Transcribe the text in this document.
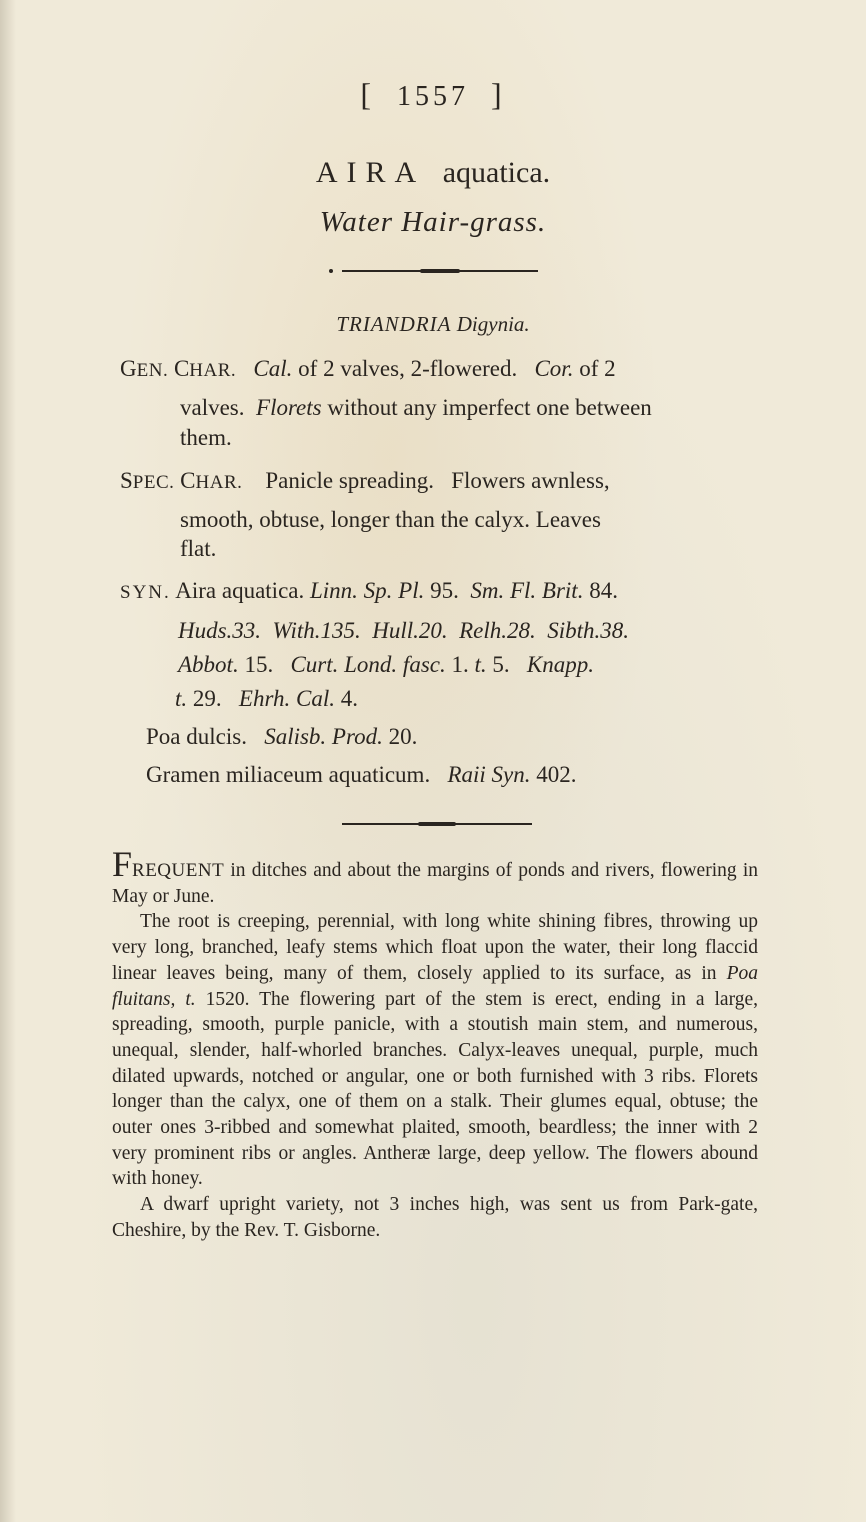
[ 1557 ]
AIRA aquatica.
Water Hair-grass.
TRIANDRIA Digynia.
GEN. CHAR. Cal. of 2 valves, 2-flowered. Cor. of 2
valves. Florets without any imperfect one between
them.
SPEC. CHAR. Panicle spreading.   Flowers awnless,
smooth, obtuse, longer than the calyx. Leaves
flat.
SYN. Aira aquatica. Linn. Sp. Pl. 95. Sm. Fl. Brit. 84.
Huds.33.  With.135.  Hull.20.  Relh.28.  Sibth.38.
Abbot. 15. Curt. Lond. fasc. 1. t. 5. Knapp.
t. 29. Ehrh. Cal. 4.
Poa dulcis. Salisb. Prod. 20.
Gramen miliaceum aquaticum. Raii Syn. 402.

FREQUENT in ditches and about the margins of ponds and rivers, flowering in May or June.

The root is creeping, perennial, with long white shining fibres, throwing up very long, branched, leafy stems which float upon the water, their long flaccid linear leaves being, many of them, closely applied to its surface, as in Poa fluitans, t. 1520. The flowering part of the stem is erect, ending in a large, spreading, smooth, purple panicle, with a stoutish main stem, and numerous, unequal, slender, half-whorled branches. Calyx-leaves unequal, purple, much dilated upwards, notched or angular, one or both furnished with 3 ribs. Florets longer than the calyx, one of them on a stalk. Their glumes equal, obtuse; the outer ones 3-ribbed and somewhat plaited, smooth, beardless; the inner with 2 very prominent ribs or angles. Antheræ large, deep yellow. The flowers abound with honey.

A dwarf upright variety, not 3 inches high, was sent us from Park-gate, Cheshire, by the Rev. T. Gisborne.
